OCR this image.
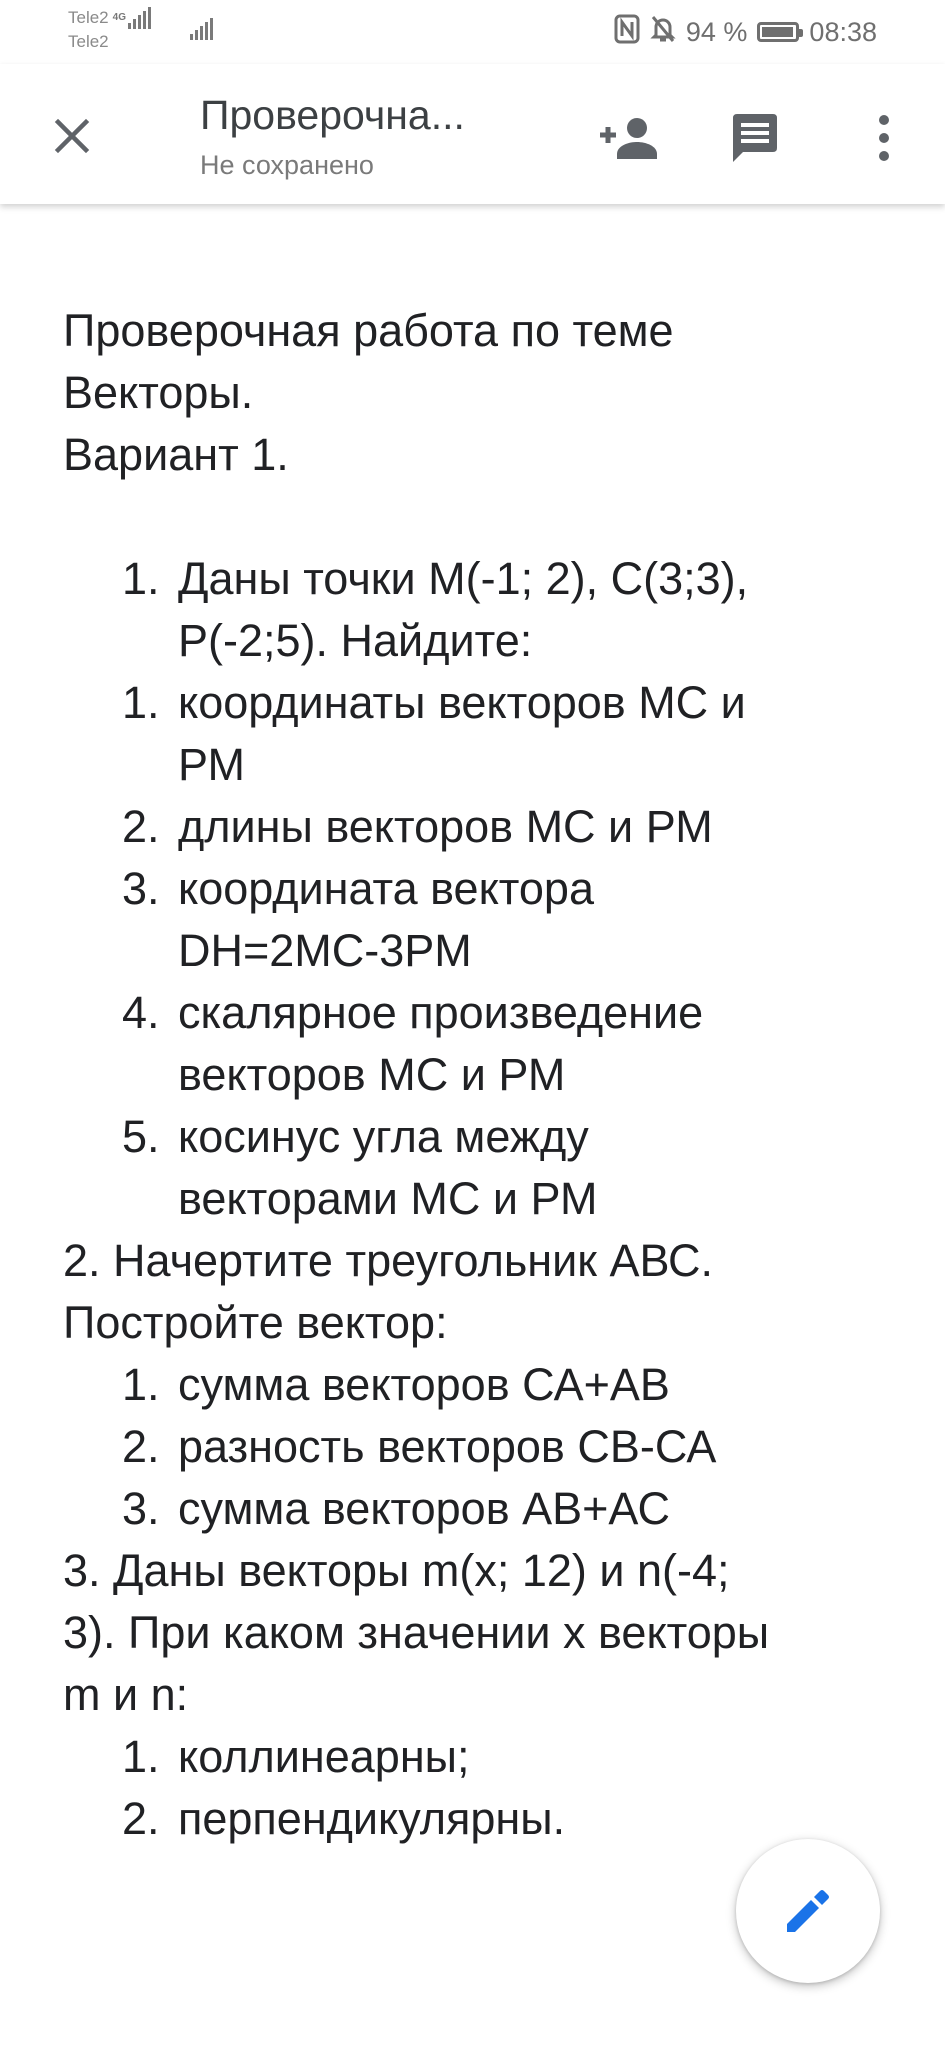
Tele2 4G
Tele2	94 % 08:38
Проверочна...
Не сохранено
Проверочная работа по теме
Векторы.
Вариант 1.
1. Даны точки М(-1; 2), С(3;3),
Р(-2;5). Найдите:
1. координаты векторов МС и
РМ
2. длины векторов МС и РМ
3. координата вектора
DH=2MC-3PM
4. скалярное произведение
векторов МС и РМ
5. косинус угла между
векторами МС и РМ
2. Начертите треугольник АВС.
Постройте вектор:
1. сумма векторов СА+АВ
2. разность векторов СВ-СА
3. сумма векторов АВ+АС
3. Даны векторы m(x; 12) и n(-4;
3). При каком значении х векторы
m и n:
1. коллинеарны;
2. перпендикулярны.
